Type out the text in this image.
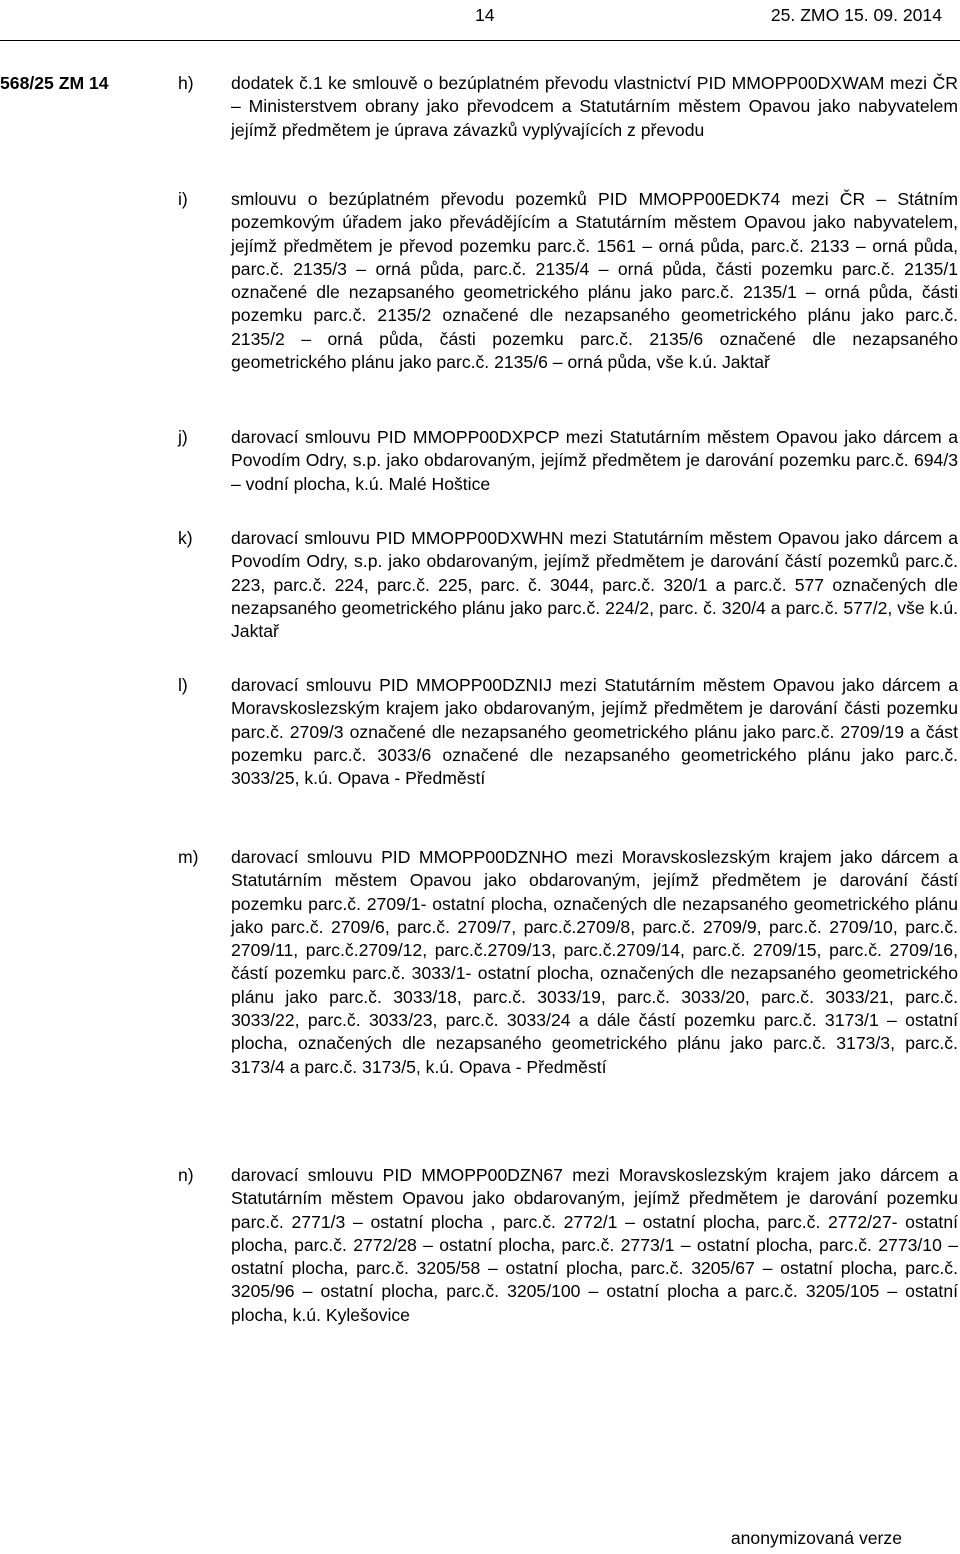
14	25. ZMO 15. 09. 2014
568/25 ZM 14	h) dodatek č.1 ke smlouvě o bezúplatném převodu vlastnictví PID MMOPP00DXWAM mezi ČR – Ministerstvem obrany jako převodcem a Statutárním městem Opavou jako nabyvatelem jejímž předmětem je úprava závazků vyplývajících z převodu
i) smlouvu o bezúplatném převodu pozemků PID MMOPP00EDK74 mezi ČR – Státním pozemkovým úřadem jako převádějícím a Statutárním městem Opavou jako nabyvatelem, jejímž předmětem je převod pozemku parc.č. 1561 – orná půda, parc.č. 2133 – orná půda, parc.č. 2135/3 – orná půda, parc.č. 2135/4 – orná půda, části pozemku parc.č. 2135/1 označené dle nezapsaného geometrického plánu jako parc.č. 2135/1 – orná půda, části pozemku parc.č. 2135/2 označené dle nezapsaného geometrického plánu jako parc.č. 2135/2 – orná půda, části pozemku parc.č. 2135/6 označené dle nezapsaného geometrického plánu jako parc.č. 2135/6 – orná půda, vše k.ú. Jaktař
j) darovací smlouvu PID MMOPP00DXPCP mezi Statutárním městem Opavou jako dárcem a Povodím Odry, s.p. jako obdarovaným, jejímž předmětem je darování pozemku parc.č. 694/3 – vodní plocha, k.ú. Malé Hoštice
k) darovací smlouvu PID MMOPP00DXWHN mezi Statutárním městem Opavou jako dárcem a Povodím Odry, s.p. jako obdarovaným, jejímž předmětem je darování částí pozemků parc.č. 223, parc.č. 224, parc.č. 225, parc. č. 3044, parc.č. 320/1 a parc.č. 577 označených dle nezapsaného geometrického plánu jako parc.č. 224/2, parc. č. 320/4 a parc.č. 577/2, vše k.ú. Jaktař
l) darovací smlouvu PID MMOPP00DZNIJ mezi Statutárním městem Opavou jako dárcem a Moravskoslezským krajem jako obdarovaným, jejímž předmětem je darování části pozemku parc.č. 2709/3 označené dle nezapsaného geometrického plánu jako parc.č. 2709/19 a část pozemku parc.č. 3033/6 označené dle nezapsaného geometrického plánu jako parc.č. 3033/25, k.ú. Opava - Předměstí
m) darovací smlouvu PID MMOPP00DZNHO mezi Moravskoslezským krajem jako dárcem a Statutárním městem Opavou jako obdarovaným, jejímž předmětem je darování částí pozemku parc.č. 2709/1- ostatní plocha, označených dle nezapsaného geometrického plánu jako parc.č. 2709/6, parc.č. 2709/7, parc.č.2709/8, parc.č. 2709/9, parc.č. 2709/10, parc.č. 2709/11, parc.č.2709/12, parc.č.2709/13, parc.č.2709/14, parc.č. 2709/15, parc.č. 2709/16, částí pozemku parc.č. 3033/1- ostatní plocha, označených dle nezapsaného geometrického plánu jako parc.č. 3033/18, parc.č. 3033/19, parc.č. 3033/20, parc.č. 3033/21, parc.č. 3033/22, parc.č. 3033/23, parc.č. 3033/24 a dále částí pozemku parc.č. 3173/1 – ostatní plocha, označených dle nezapsaného geometrického plánu jako parc.č. 3173/3, parc.č. 3173/4 a parc.č. 3173/5, k.ú. Opava - Předměstí
n) darovací smlouvu PID MMOPP00DZN67 mezi Moravskoslezským krajem jako dárcem a Statutárním městem Opavou jako obdarovaným, jejímž předmětem je darování pozemku parc.č. 2771/3 – ostatní plocha , parc.č. 2772/1 – ostatní plocha, parc.č. 2772/27- ostatní plocha, parc.č. 2772/28 – ostatní plocha, parc.č. 2773/1 – ostatní plocha, parc.č. 2773/10 – ostatní plocha, parc.č. 3205/58 – ostatní plocha, parc.č. 3205/67 – ostatní plocha, parc.č. 3205/96 – ostatní plocha, parc.č. 3205/100 – ostatní plocha a parc.č. 3205/105 – ostatní plocha, k.ú. Kylešovice
anonymizovaná verze
